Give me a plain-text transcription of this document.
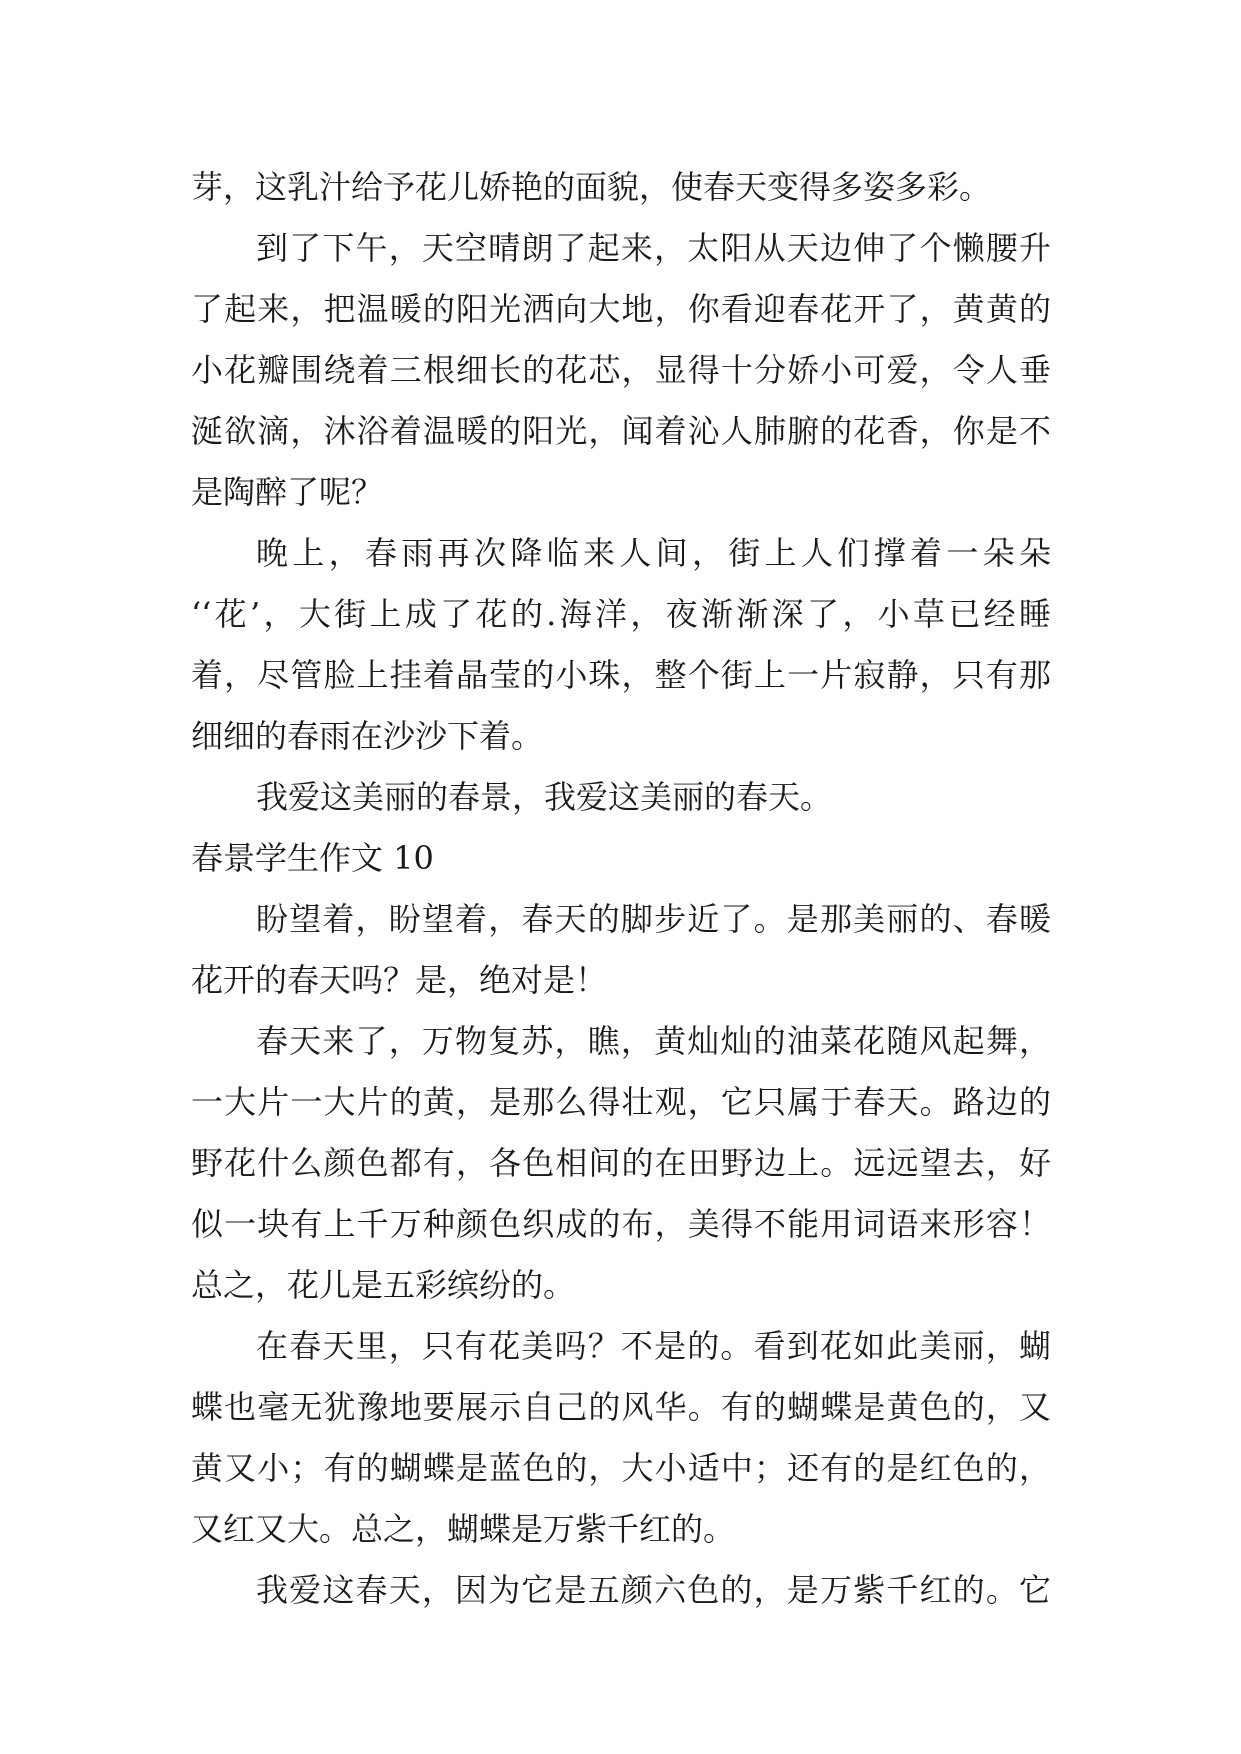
芽，这乳汁给予花儿娇艳的面貌，使春天变得多姿多彩。

到了下午，天空晴朗了起来，太阳从天边伸了个懒腰升

了起来，把温暖的阳光洒向大地，你看迎春花开了，黄黄的

小花瓣围绕着三根细长的花芯，显得十分娇小可爱，令人垂

涎欲滴，沐浴着温暖的阳光，闻着沁人肺腑的花香，你是不

是陶醉了呢？

晚上，春雨再次降临来人间，街上人们撑着一朵朵

‘‘花’，大街上成了花的.海洋，夜渐渐深了，小草已经睡

着，尽管脸上挂着晶莹的小珠，整个街上一片寂静，只有那

细细的春雨在沙沙下着。

我爱这美丽的春景，我爱这美丽的春天。

春景学生作文 10

盼望着，盼望着，春天的脚步近了。是那美丽的、春暖

花开的春天吗？是，绝对是！

春天来了，万物复苏，瞧，黄灿灿的油菜花随风起舞，

一大片一大片的黄，是那么得壮观，它只属于春天。路边的

野花什么颜色都有，各色相间的在田野边上。远远望去，好

似一块有上千万种颜色织成的布，美得不能用词语来形容！

总之，花儿是五彩缤纷的。

在春天里，只有花美吗？不是的。看到花如此美丽，蝴

蝶也毫无犹豫地要展示自己的风华。有的蝴蝶是黄色的，又

黄又小；有的蝴蝶是蓝色的，大小适中；还有的是红色的，

又红又大。总之，蝴蝶是万紫千红的。

我爱这春天，因为它是五颜六色的，是万紫千红的。它
